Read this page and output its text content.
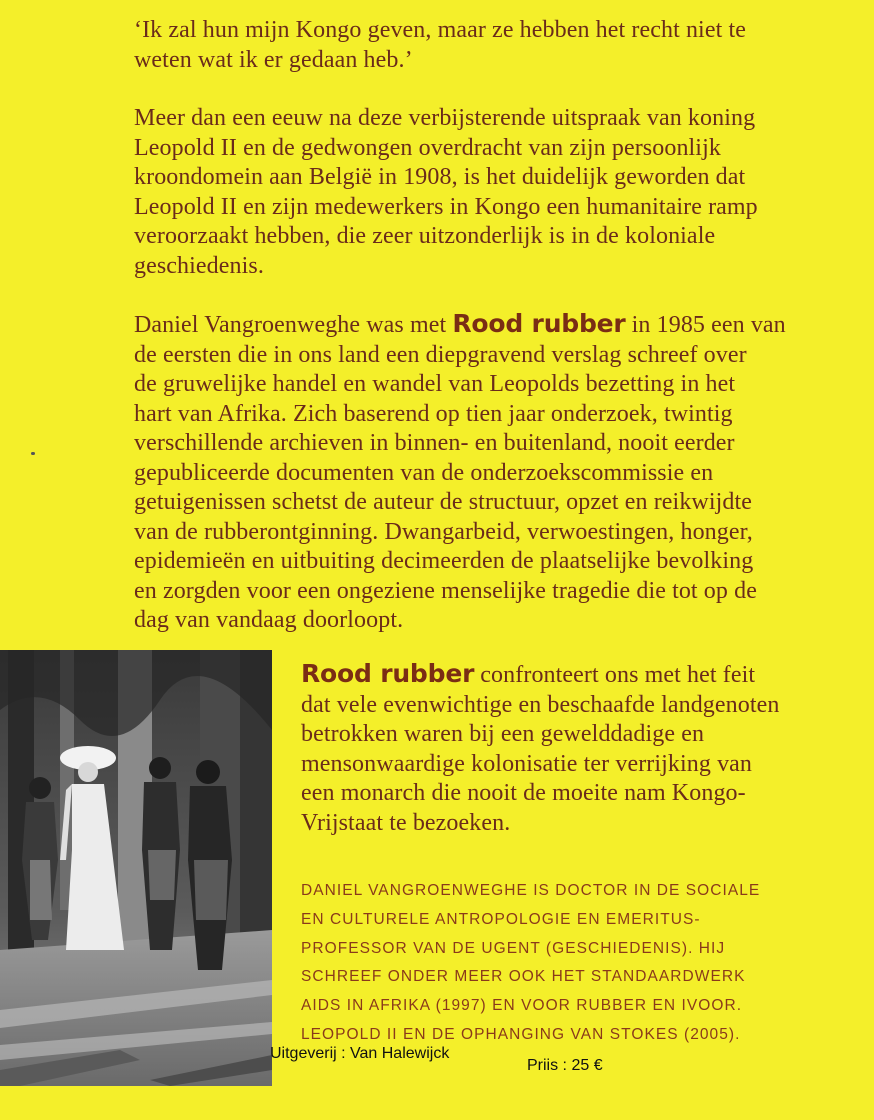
‘Ik zal hun mijn Kongo geven, maar ze hebben het recht niet te
weten wat ik er gedaan heb.’
Meer dan een eeuw na deze verbijsterende uitspraak van koning
Leopold II en de gedwongen overdracht van zijn persoonlijk
kroondomein aan België in 1908, is het duidelijk geworden dat
Leopold II en zijn medewerkers in Kongo een humanitaire ramp
veroorzaakt hebben, die zeer uitzonderlijk is in de koloniale
geschiedenis.
Daniel Vangroenweghe was met Rood rubber in 1985 een van
de eersten die in ons land een diepgravend verslag schreef over
de gruwelijke handel en wandel van Leopolds bezetting in het
hart van Afrika. Zich baserend op tien jaar onderzoek, twintig
verschillende archieven in binnen- en buitenland, nooit eerder
gepubliceerde documenten van de onderzoekscommissie en
getuigenissen schetst de auteur de structuur, opzet en reikwijdte
van de rubberontginning. Dwangarbeid, verwoestingen, honger,
epidemieën en uitbuiting decimeerden de plaatselijke bevolking
en zorgden voor een ongeziene menselijke tragedie die tot op de
dag van vandaag doorloopt.
Rood rubber confronteert ons met het feit
dat vele evenwichtige en beschaafde landgenoten
betrokken waren bij een gewelddadige en
mensonwaardige kolonisatie ter verrijking van
een monarch die nooit de moeite nam Kongo-
Vrijstaat te bezoeken.
DANIEL VANGROENWEGHE IS DOCTOR IN DE SOCIALE
EN CULTURELE ANTROPOLOGIE EN EMERITUS-
PROFESSOR VAN DE UGENT (GESCHIEDENIS). HIJ
SCHREEF ONDER MEER OOK HET STANDAARDWERK
AIDS IN AFRIKA (1997) EN VOOR RUBBER EN IVOOR.
LEOPOLD II EN DE OPHANGING VAN STOKES (2005).
Uitgeverij : Van Halewijck
Priis : 25 €
